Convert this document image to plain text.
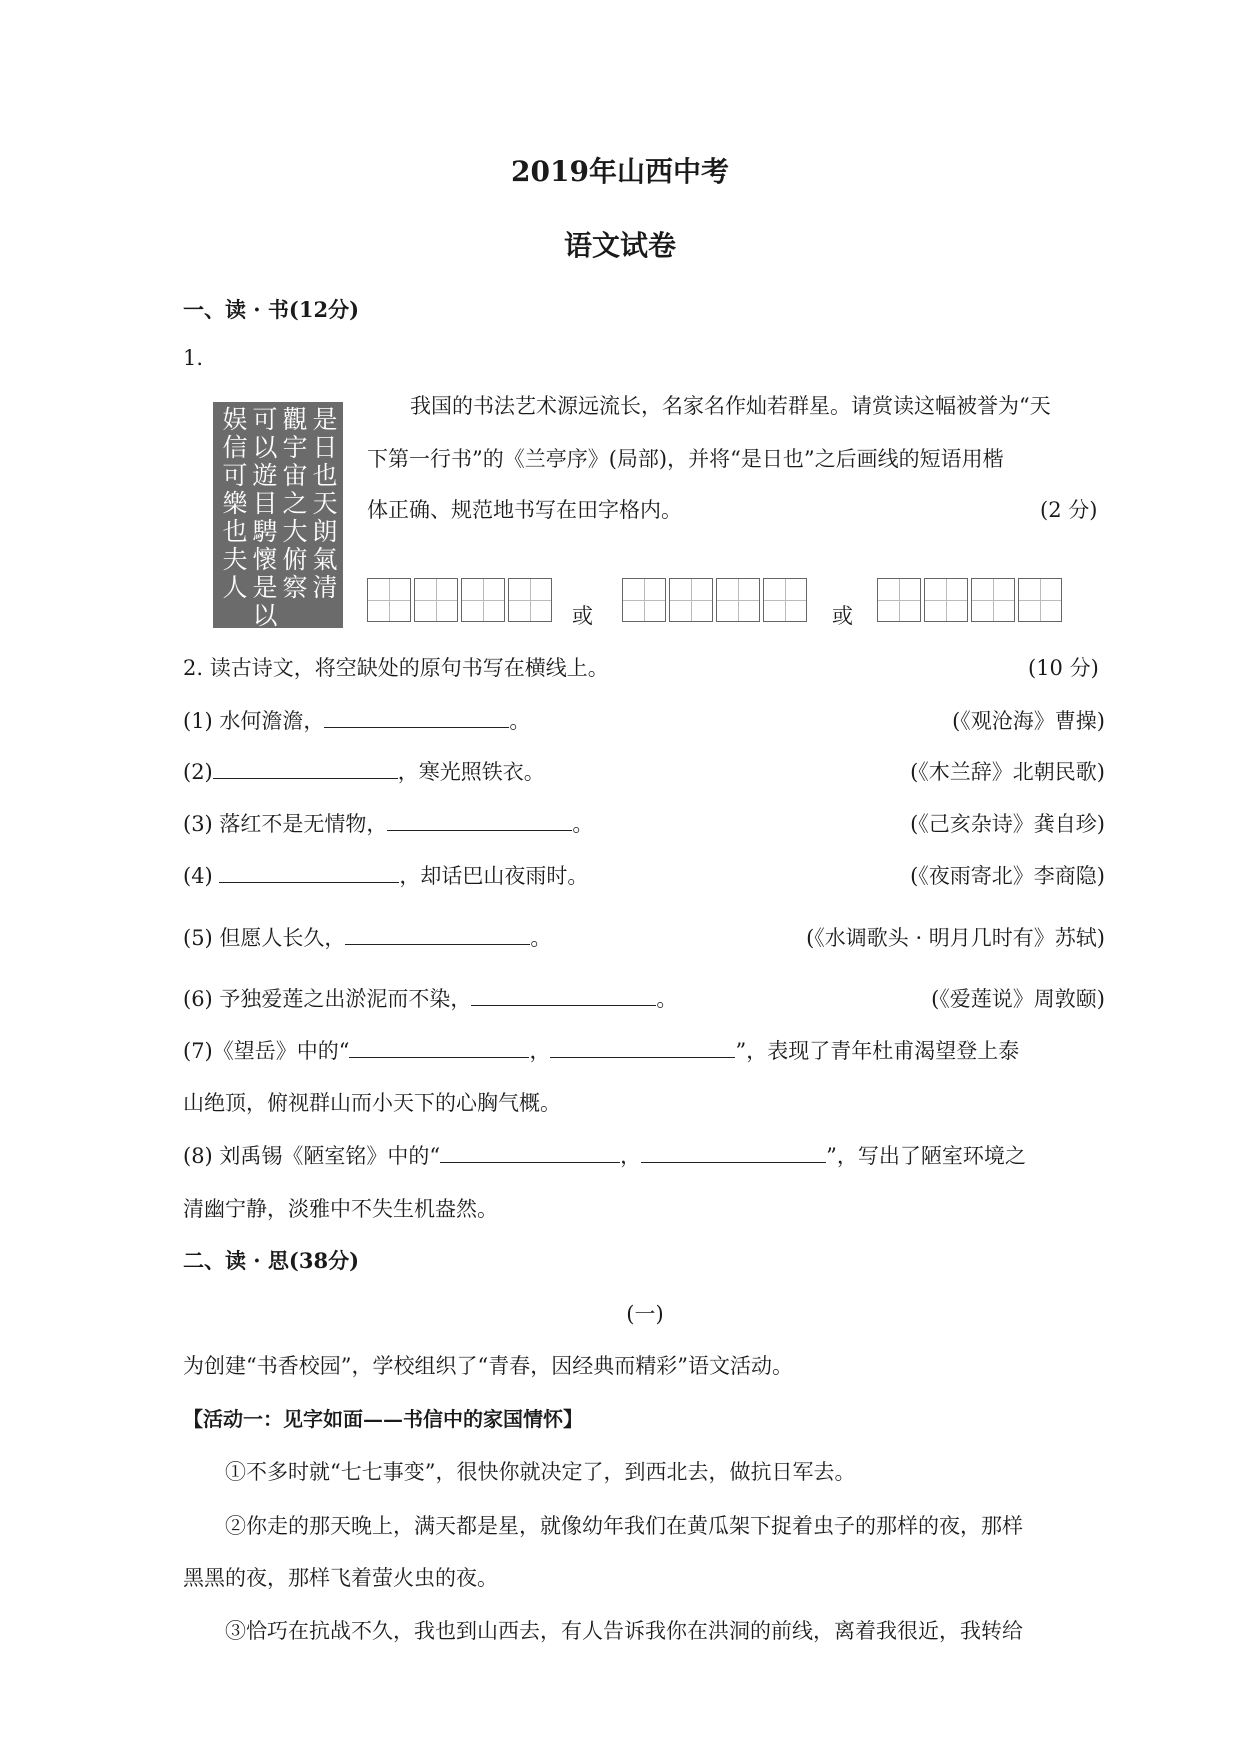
2019年山西中考
语文试卷
一、读 · 书(12分)
1.
是日也天朗氣清
觀宇宙之大俯察
可以遊目騁懷是以
娱信可樂也夫人
我国的书法艺术源远流长，名家名作灿若群星。请赏读这幅被誉为“天
下第一行书”的《兰亭序》(局部)，并将“是日也”之后画线的短语用楷
体正确、规范地书写在田字格内。	(2 分)
或	或
2. 读古诗文，将空缺处的原句书写在横线上。	(10 分)
(1) 水何澹澹，	。	(《观沧海》曹操)
(2)	，寒光照铁衣。	(《木兰辞》北朝民歌)
(3) 落红不是无情物，	。	(《己亥杂诗》龚自珍)
(4)	，却话巴山夜雨时。	(《夜雨寄北》李商隐)
(5) 但愿人长久，	。	(《水调歌头 · 明月几时有》苏轼)
(6) 予独爱莲之出淤泥而不染，	。	(《爱莲说》周敦颐)
(7)《望岳》中的“	，	”，表现了青年杜甫渴望登上泰
山绝顶，俯视群山而小天下的心胸气概。
(8) 刘禹锡《陋室铭》中的“	，	”，写出了陋室环境之
清幽宁静，淡雅中不失生机盎然。
二、读 · 思(38分)
(一)
为创建“书香校园”，学校组织了“青春，因经典而精彩”语文活动。
【活动一：见字如面——书信中的家国情怀】
①不多时就“七七事变”，很快你就决定了，到西北去，做抗日军去。
②你走的那天晚上，满天都是星，就像幼年我们在黄瓜架下捉着虫子的那样的夜，那样
黑黑的夜，那样飞着萤火虫的夜。
③恰巧在抗战不久，我也到山西去，有人告诉我你在洪洞的前线，离着我很近，我转给
